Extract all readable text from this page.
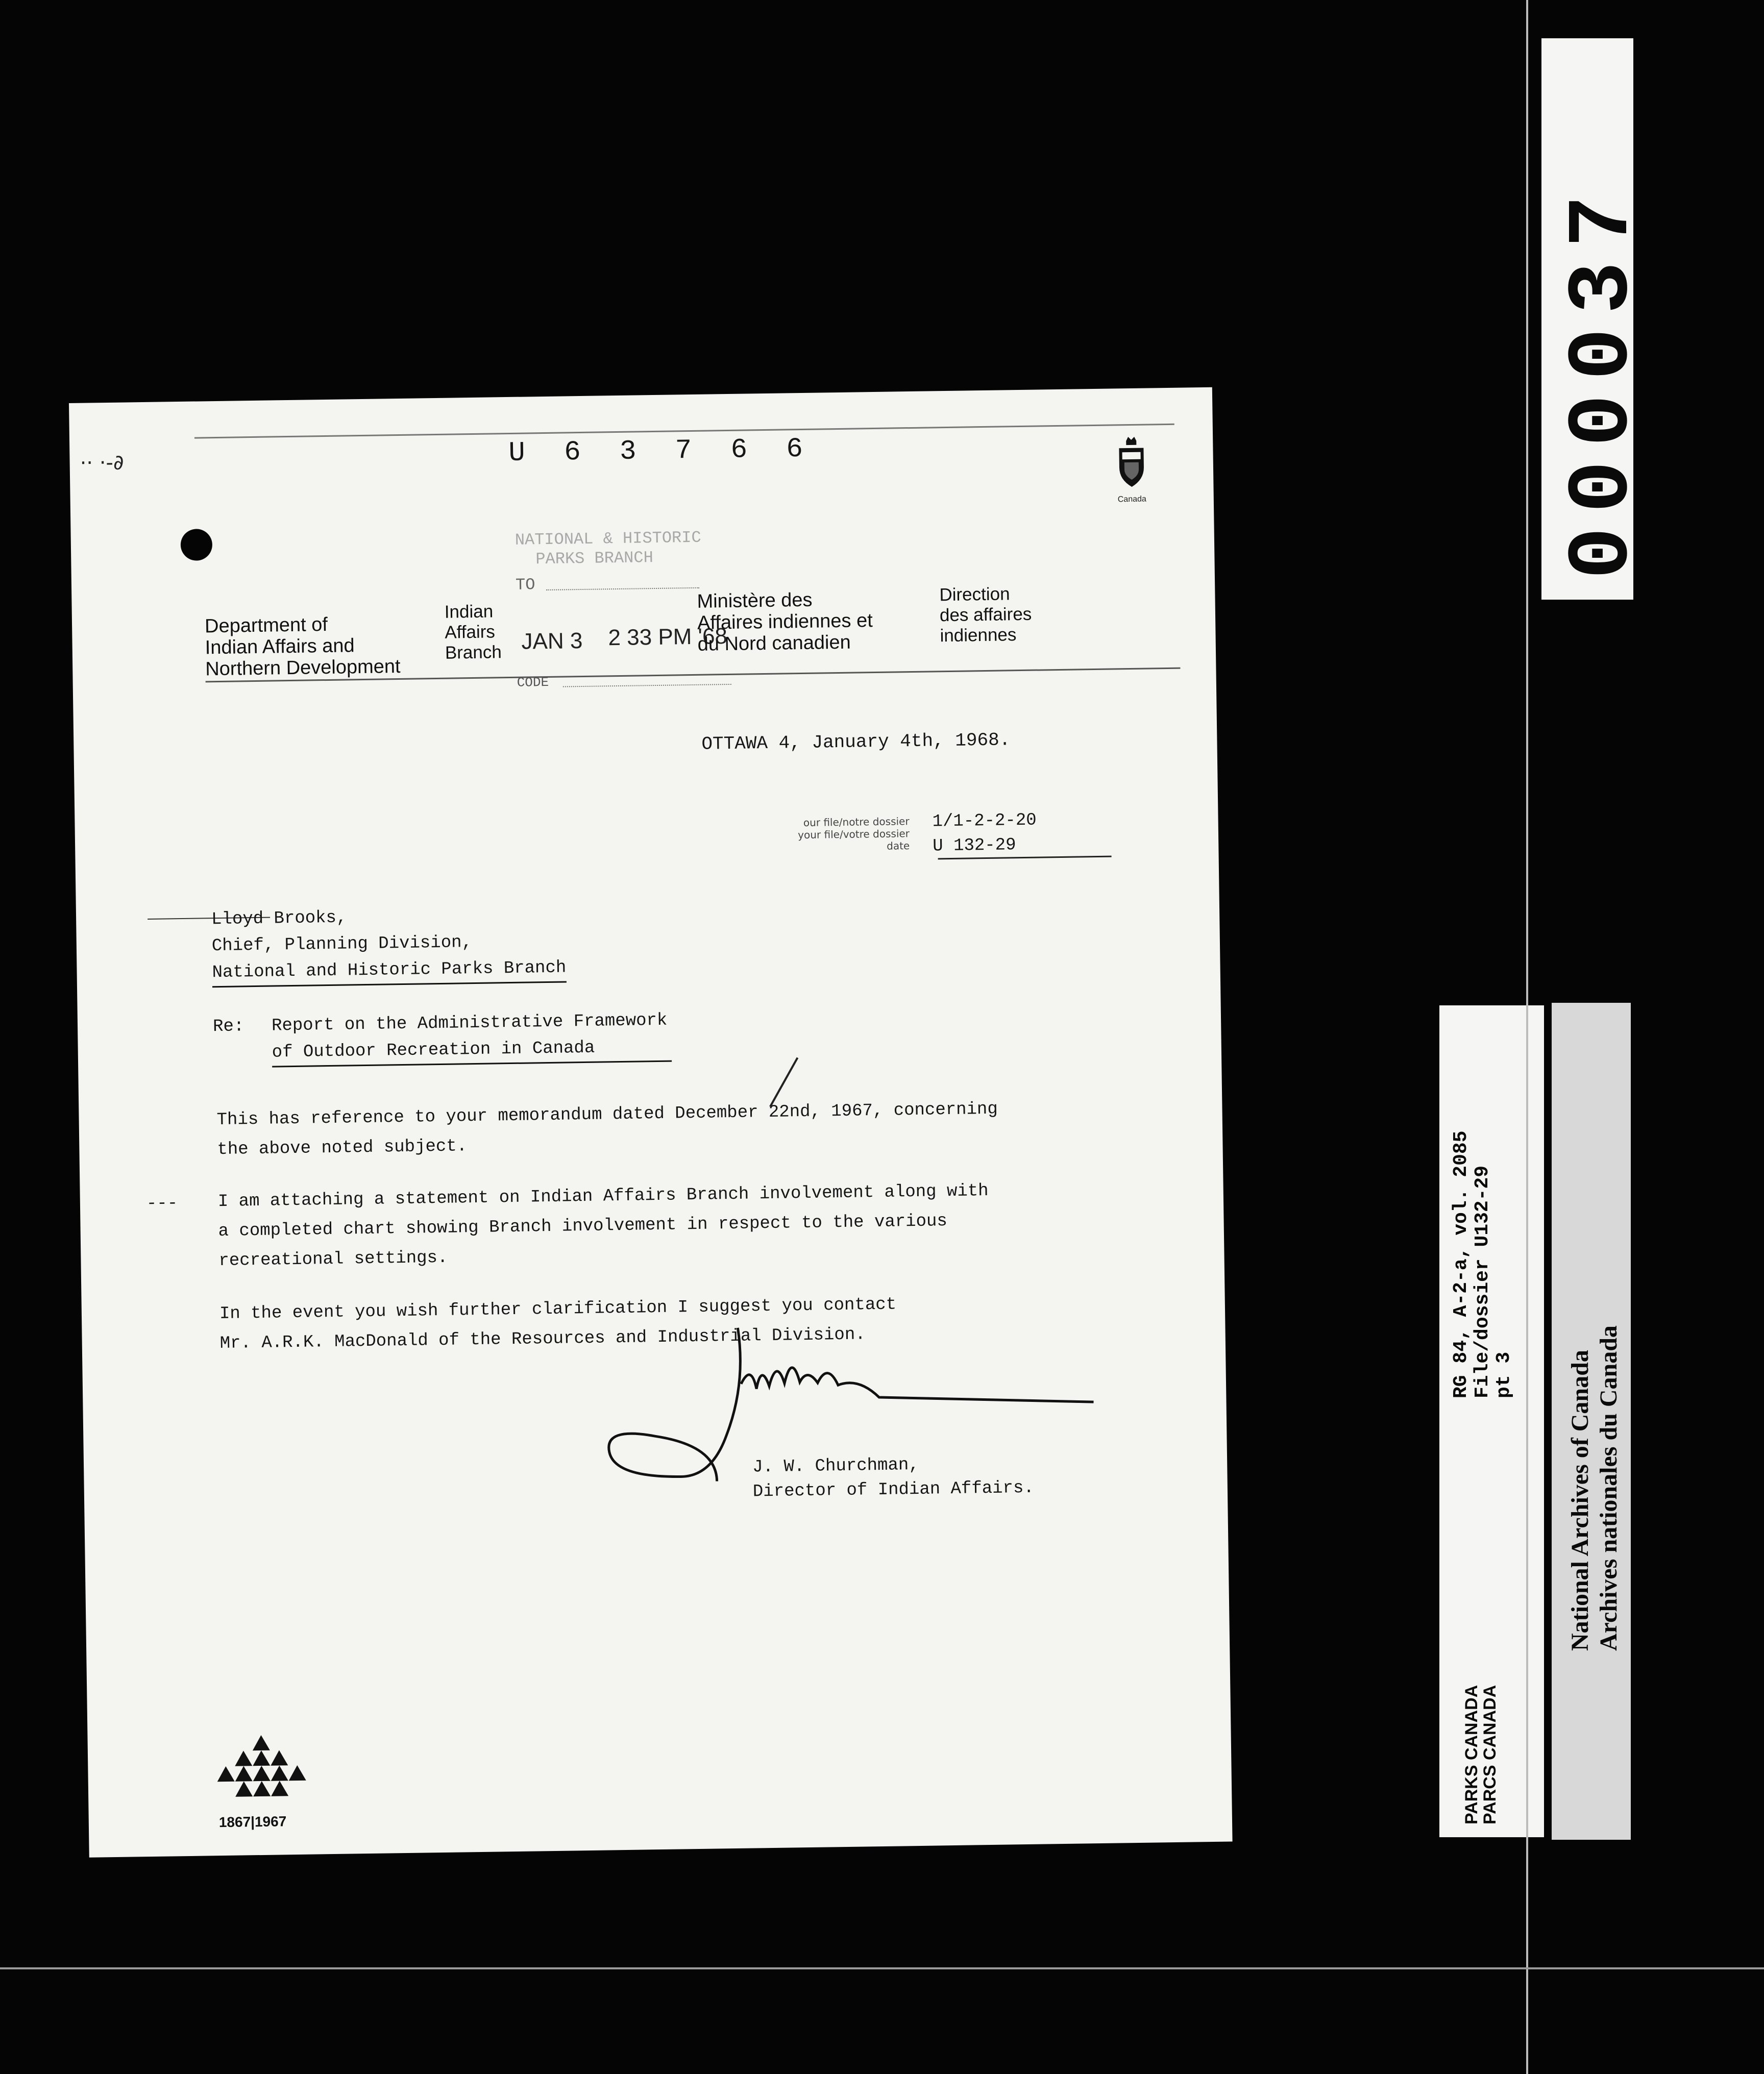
·· ·-∂	U 6 3 7 6 6
NATIONAL & HISTORIC
PARKS BRANCH
TO
JAN 3 2 33 PM '68
CODE
Department of
Indian Affairs and
Northern Development
Indian
Affairs
Branch
Ministère des
Affaires indiennes et
du Nord canadien
Direction
des affaires
indiennes
Canada
OTTAWA 4, January 4th, 1968.
our file/notre dossier
your file/votre dossier
date
1/1-2-2-20
U 132-29
Lloyd Brooks,
Chief, Planning Division,
National and Historic Parks Branch
Re: Report on the Administrative Framework
of Outdoor Recreation in Canada
This has reference to your memorandum dated December 22nd, 1967, concerning
the above noted subject.
--- I am attaching a statement on Indian Affairs Branch involvement along with
a completed chart showing Branch involvement in respect to the various
recreational settings.
In the event you wish further clarification I suggest you contact
Mr. A.R.K. MacDonald of the Resources and Industrial Division.
J. W. Churchman,
Director of Indian Affairs.
1867|1967
000037
RG 84, A-2-a, vol. 2085 File/dossier U132-29 pt 3
PARKS CANADA
PARCS CANADA
National Archives of Canada Archives nationales du Canada
